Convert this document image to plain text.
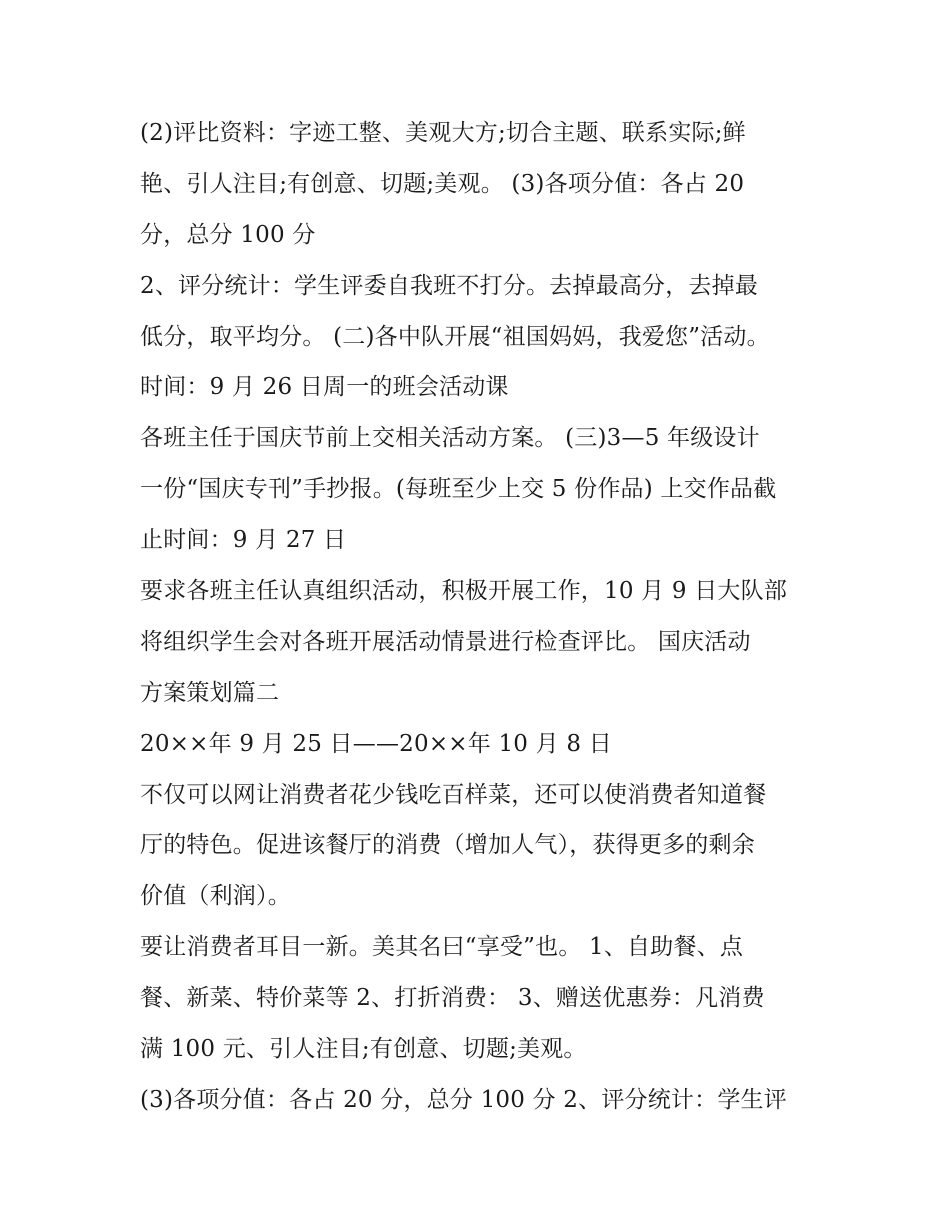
(2)评比资料：字迹工整、美观大方;切合主题、联系实际;鲜
艳、引人注目;有创意、切题;美观。 (3)各项分值：各占 20
分，总分 100 分
2、评分统计：学生评委自我班不打分。去掉最高分，去掉最
低分，取平均分。 (二)各中队开展“祖国妈妈，我爱您”活动。
时间：9 月 26 日周一的班会活动课
各班主任于国庆节前上交相关活动方案。 (三)3—5 年级设计
一份“国庆专刊”手抄报。(每班至少上交 5 份作品) 上交作品截
止时间：9 月 27 日
要求各班主任认真组织活动，积极开展工作，10 月 9 日大队部
将组织学生会对各班开展活动情景进行检查评比。 国庆活动
方案策划篇二
20××年 9 月 25 日——20××年 10 月 8 日
不仅可以网让消费者花少钱吃百样菜，还可以使消费者知道餐
厅的特色。促进该餐厅的消费（增加人气），获得更多的剩余
价值（利润）。
要让消费者耳目一新。美其名曰“享受”也。 1、自助餐、点
餐、新菜、特价菜等 2、打折消费： 3、赠送优惠券：凡消费
满 100 元、引人注目;有创意、切题;美观。
(3)各项分值：各占 20 分，总分 100 分 2、评分统计：学生评
